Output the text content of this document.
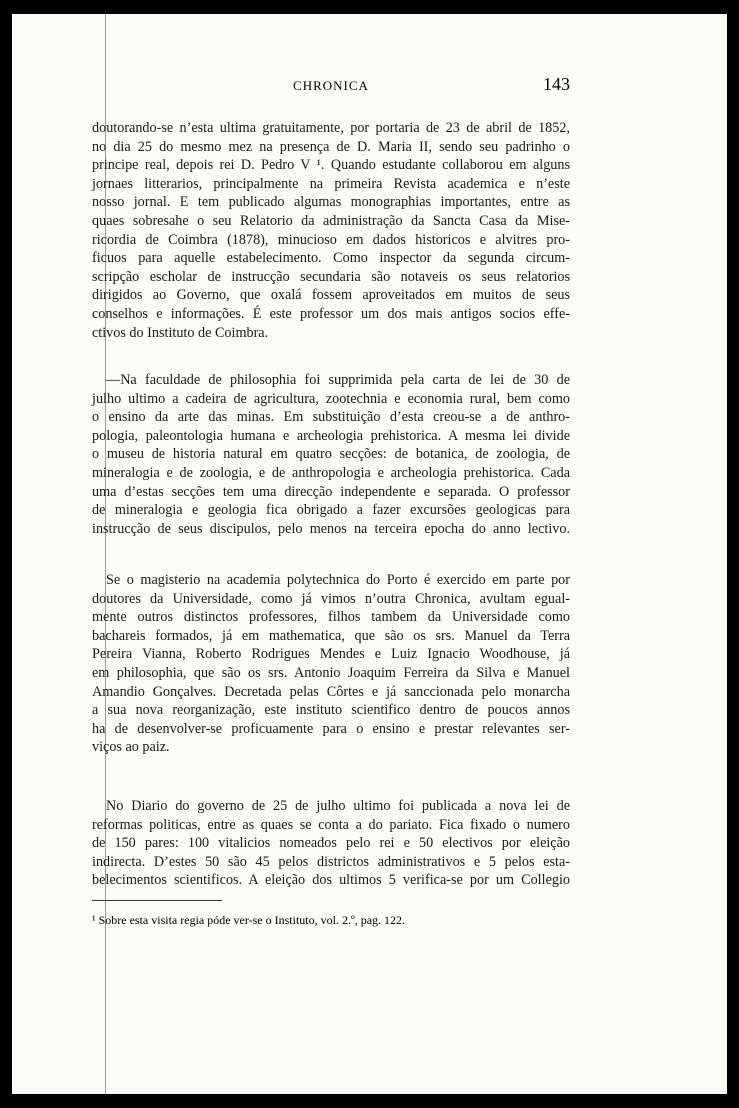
CHRONICA	143
doutorando-se n’esta ultima gratuitamente, por portaria de 23 de abril de 1852,
no dia 25 do mesmo mez na presença de D. Maria II, sendo seu padrinho o
principe real, depois rei D. Pedro V ¹. Quando estudante collaborou em alguns
jornaes litterarios, principalmente na primeira Revista academica e n’este
nosso jornal. E tem publicado algumas monographias importantes, entre as
quaes sobresahe o seu Relatorio da administração da Sancta Casa da Mise-
ricordia de Coimbra (1878), minucioso em dados historicos e alvitres pro-
ficuos para aquelle estabelecimento. Como inspector da segunda circum-
scripção escholar de instrucção secundaria são notaveis os seus relatorios
dirigidos ao Governo, que oxalá fossem aproveitados em muitos de seus
conselhos e informações. É este professor um dos mais antigos socios effe-
ctivos do Instituto de Coimbra.
—Na faculdade de philosophia foi supprimida pela carta de lei de 30 de
julho ultimo a cadeira de agricultura, zootechnia e economia rural, bem como
o ensino da arte das minas. Em substituição d’esta creou-se a de anthro-
pologia, paleontologia humana e archeologia prehistorica. A mesma lei divide
o museu de historia natural em quatro secções: de botanica, de zoologia, de
mineralogia e de zoologia, e de anthropologia e archeologia prehistorica. Cada
uma d’estas secções tem uma direcção independente e separada. O professor
de mineralogia e geologia fica obrigado a fazer excursões geologicas para
instrucção de seus discipulos, pelo menos na terceira epocha do anno lectivo.
Se o magisterio na academia polytechnica do Porto é exercido em parte por
doutores da Universidade, como já vimos n’outra Chronica, avultam egual-
mente outros distinctos professores, filhos tambem da Universidade como
bachareis formados, já em mathematica, que são os srs. Manuel da Terra
Pereira Vianna, Roberto Rodrigues Mendes e Luiz Ignacio Woodhouse, já
em philosophia, que são os srs. Antonio Joaquim Ferreira da Silva e Manuel
Amandio Gonçalves. Decretada pelas Côrtes e já sanccionada pelo monarcha
a sua nova reorganização, este instituto scientifico dentro de poucos annos
ha de desenvolver-se proficuamente para o ensino e prestar relevantes ser-
viços ao paiz.
No Diario do governo de 25 de julho ultimo foi publicada a nova lei de
reformas politicas, entre as quaes se conta a do pariato. Fica fixado o numero
de 150 pares: 100 vitalicios nomeados pelo rei e 50 electivos por eleição
indirecta. D’estes 50 são 45 pelos districtos administrativos e 5 pelos esta-
belecimentos scientificos. A eleição dos ultimos 5 verifica-se por um Collegio
¹ Sobre esta visita regia póde ver-se o Instituto, vol. 2.º, pag. 122.
